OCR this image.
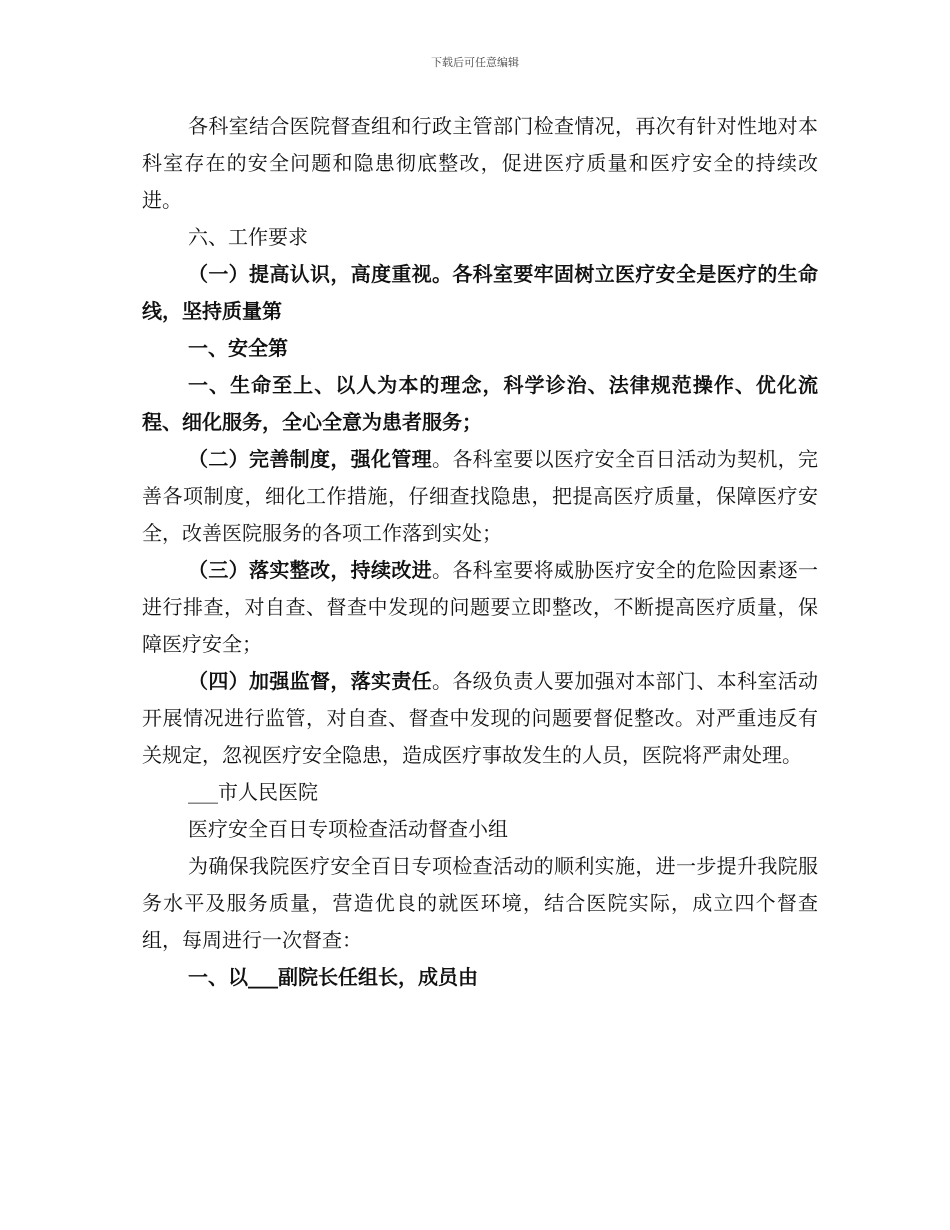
下载后可任意编辑

各科室结合医院督查组和行政主管部门检查情况，再次有针对性地对本科室存在的安全问题和隐患彻底整改，促进医疗质量和医疗安全的持续改进。

六、工作要求

（一）提高认识，高度重视。各科室要牢固树立医疗安全是医疗的生命线，坚持质量第

一、安全第

一、生命至上、以人为本的理念，科学诊治、法律规范操作、优化流程、细化服务，全心全意为患者服务；

（二）完善制度，强化管理。各科室要以医疗安全百日活动为契机，完善各项制度，细化工作措施，仔细查找隐患，把提高医疗质量，保障医疗安全，改善医院服务的各项工作落到实处；

（三）落实整改，持续改进。各科室要将威胁医疗安全的危险因素逐一进行排查，对自查、督查中发现的问题要立即整改，不断提高医疗质量，保障医疗安全；

（四）加强监督，落实责任。各级负责人要加强对本部门、本科室活动开展情况进行监管，对自查、督查中发现的问题要督促整改。对严重违反有关规定，忽视医疗安全隐患，造成医疗事故发生的人员，医院将严肃处理。

___市人民医院

医疗安全百日专项检查活动督查小组

为确保我院医疗安全百日专项检查活动的顺利实施，进一步提升我院服务水平及服务质量，营造优良的就医环境，结合医院实际，成立四个督查组，每周进行一次督查：

一、以___副院长任组长，成员由
